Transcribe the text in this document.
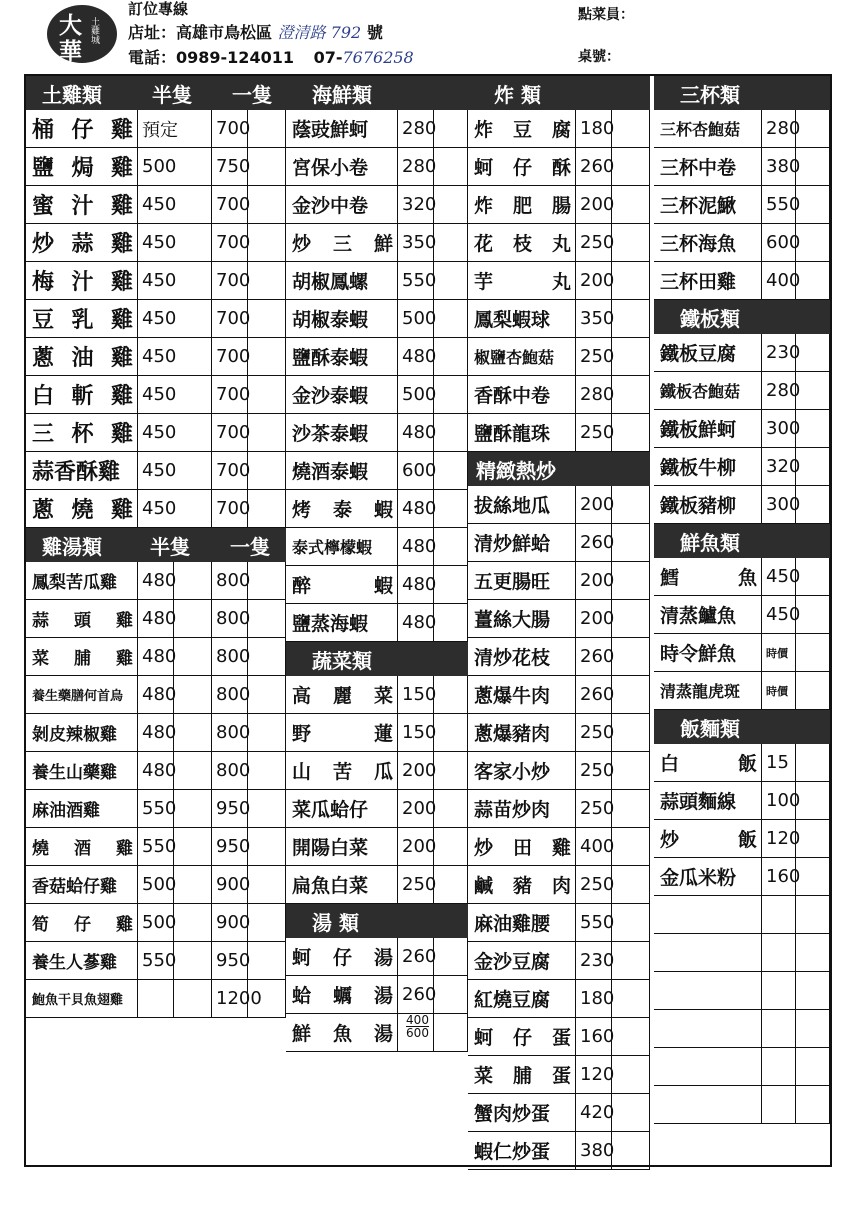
大
華
土雞城
訂位專線
店址：高雄市鳥松區 澄清路 792 號
電話：0989-124011 07-7676258
點菜員：
桌號：
土雞類	半隻 一隻
桶 仔 雞 預定	700
鹽 焗 雞 500	750
蜜 汁 雞 450	700
炒 蒜 雞 450	700
梅 汁 雞 450	700
豆 乳 雞 450	700
蔥 油 雞 450	700
白 斬 雞 450	700
三 杯 雞 450	700
蒜香酥雞	450	700
蔥 燒 雞 450	700
雞湯類 半隻 一隻
鳳梨苦瓜雞	480 800
蒜 頭 雞 480 800
菜 脯 雞 480 800
養生藥膳何首烏	480 800
剝皮辣椒雞	480 800
養生山藥雞	480 800
麻油酒雞	550 950
燒 酒 雞 550 950
香菇蛤仔雞	500 900
筍 仔 雞 500 900
養生人蔘雞	550 950
鮑魚干貝魚翅雞	1200
海鮮類
蔭豉鮮蚵	280
宮保小卷	280
金沙中卷	320
炒 三 鮮 350
胡椒鳳螺	550
胡椒泰蝦	500
鹽酥泰蝦	480
金沙泰蝦	500
沙茶泰蝦	480
燒酒泰蝦	600
烤 泰 蝦 480
泰式檸檬蝦	480
醉	蝦 480
鹽蒸海蝦	480
蔬菜類
高 麗 菜 150
野	蓮 150
山 苦 瓜 200
菜瓜蛤仔	200
開陽白菜	200
扁魚白菜	250
湯 類
蚵 仔 湯 260
蛤 蠣 湯 260
鮮 魚 湯
400
600
炸 類
炸 豆 腐 180
蚵 仔 酥 260
炸 肥 腸 200
花 枝 丸 250
芋	丸 200
鳳梨蝦球	350
椒鹽杏鮑菇	250
香酥中卷	280
鹽酥龍珠	250
精緻熱炒
拔絲地瓜	200
清炒鮮蛤	260
五更腸旺	200
薑絲大腸	200
清炒花枝	260
蔥爆牛肉	260
蔥爆豬肉	250
客家小炒	250
蒜苗炒肉	250
炒 田 雞 400
鹹 豬 肉 250
麻油雞腰	550
金沙豆腐	230
紅燒豆腐	180
蚵 仔 蛋 160
菜 脯 蛋 120
蟹肉炒蛋	420
蝦仁炒蛋	380
三杯類
三杯杏鮑菇	280
三杯中卷	380
三杯泥鰍	550
三杯海魚	600
三杯田雞	400
鐵板類
鐵板豆腐	230
鐵板杏鮑菇	280
鐵板鮮蚵	300
鐵板牛柳	320
鐵板豬柳	300
鮮魚類
鱈	魚 450
清蒸鱸魚	450
時令鮮魚	時價
清蒸龍虎斑	時價
飯麵類
白	飯 15
蒜頭麵線	100
炒	飯 120
金瓜米粉	160
